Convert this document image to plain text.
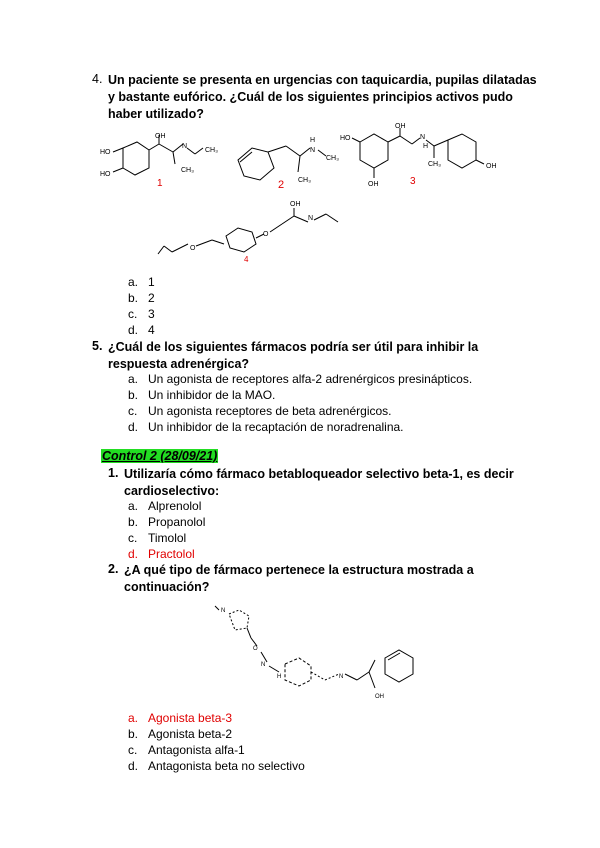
4. Un paciente se presenta en urgencias con taquicardia, pupilas dilatadas
y bastante eufórico. ¿Cuál de los siguientes principios activos pudo
haber utilizado?
OH
N
CH₃
CH₃
HO
HO
1
H
N
CH₃
CH₃
2
OH
N
H
CH₃
HO
OH
OH
3
O
O
OH
N
4
a. 1
b. 2
c. 3
d. 4
5. ¿Cuál de los siguientes fármacos podría ser útil para inhibir la
respuesta adrenérgica?
a. Un agonista de receptores alfa-2 adrenérgicos presinápticos.
b. Un inhibidor de la MAO.
c. Un agonista receptores de beta adrenérgicos.
d. Un inhibidor de la recaptación de noradrenalina.
Control 2 (28/09/21)
1. Utilizaría cómo fármaco betabloqueador selectivo beta-1, es decir
cardioselectivo:
a. Alprenolol
b. Propanolol
c. Timolol
d. Practolol
2. ¿A qué tipo de fármaco pertenece la estructura mostrada a
continuación?
N
O
N
H	N
OH
a. Agonista beta-3
b. Agonista beta-2
c. Antagonista alfa-1
d. Antagonista beta no selectivo
